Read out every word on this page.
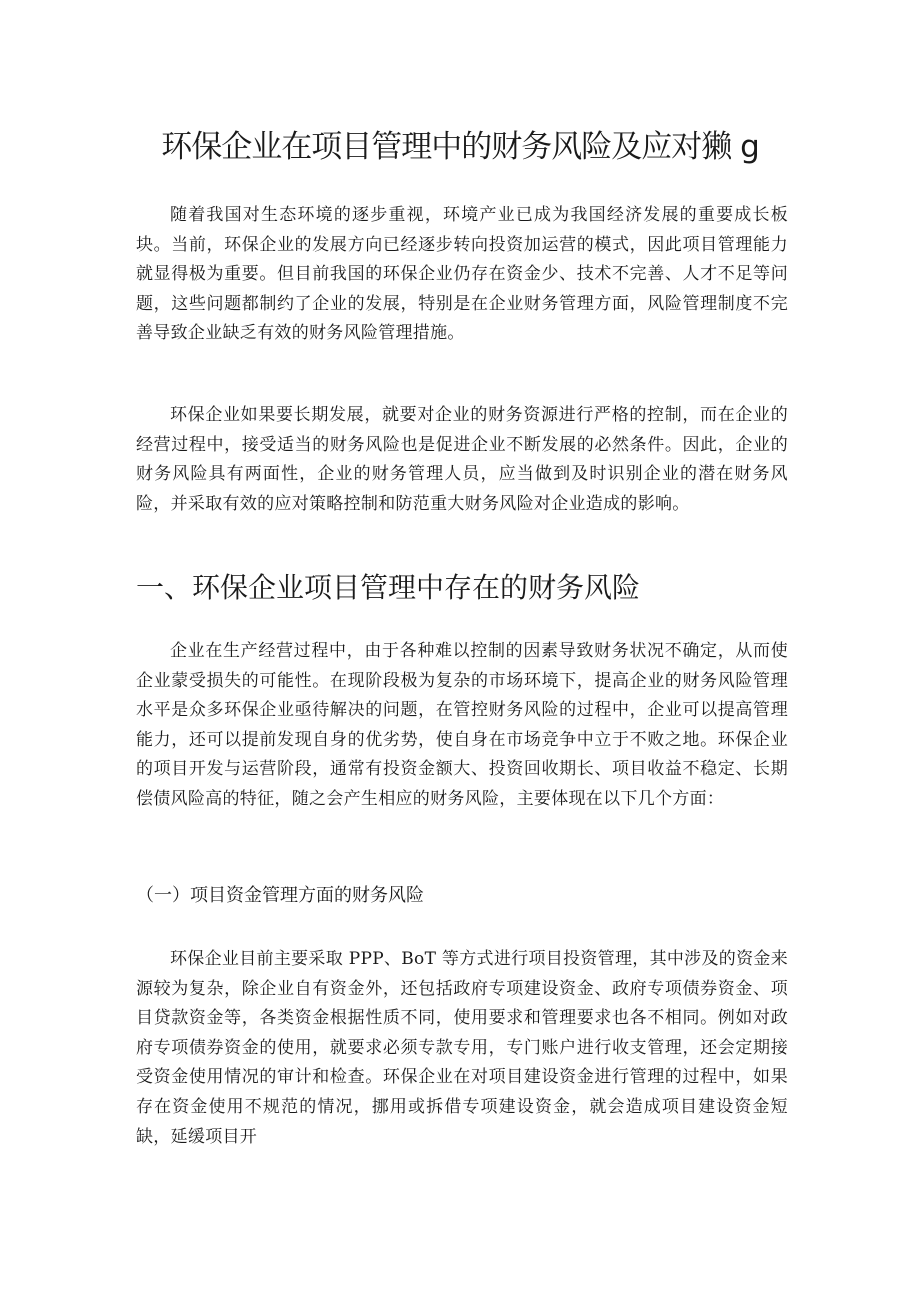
环保企业在项目管理中的财务风险及应对獭 g

随着我国对生态环境的逐步重视，环境产业已成为我国经济发展的重要成长板块。当前，环保企业的发展方向已经逐步转向投资加运营的模式，因此项目管理能力就显得极为重要。但目前我国的环保企业仍存在资金少、技术不完善、人才不足等问题，这些问题都制约了企业的发展，特别是在企业财务管理方面，风险管理制度不完善导致企业缺乏有效的财务风险管理措施。

环保企业如果要长期发展，就要对企业的财务资源进行严格的控制，而在企业的经营过程中，接受适当的财务风险也是促进企业不断发展的必然条件。因此，企业的财务风险具有两面性，企业的财务管理人员，应当做到及时识别企业的潜在财务风险，并采取有效的应对策略控制和防范重大财务风险对企业造成的影响。

一、环保企业项目管理中存在的财务风险

企业在生产经营过程中，由于各种难以控制的因素导致财务状况不确定，从而使企业蒙受损失的可能性。在现阶段极为复杂的市场环境下，提高企业的财务风险管理水平是众多环保企业亟待解决的问题，在管控财务风险的过程中，企业可以提高管理能力，还可以提前发现自身的优劣势，使自身在市场竞争中立于不败之地。环保企业的项目开发与运营阶段，通常有投资金额大、投资回收期长、项目收益不稳定、长期偿债风险高的特征，随之会产生相应的财务风险，主要体现在以下几个方面：

（一）项目资金管理方面的财务风险

环保企业目前主要采取 PPP、BoT 等方式进行项目投资管理，其中涉及的资金来源较为复杂，除企业自有资金外，还包括政府专项建设资金、政府专项债券资金、项目贷款资金等，各类资金根据性质不同，使用要求和管理要求也各不相同。例如对政府专项债券资金的使用，就要求必须专款专用，专门账户进行收支管理，还会定期接受资金使用情况的审计和检查。环保企业在对项目建设资金进行管理的过程中，如果存在资金使用不规范的情况，挪用或拆借专项建设资金，就会造成项目建设资金短缺，延缓项目开
